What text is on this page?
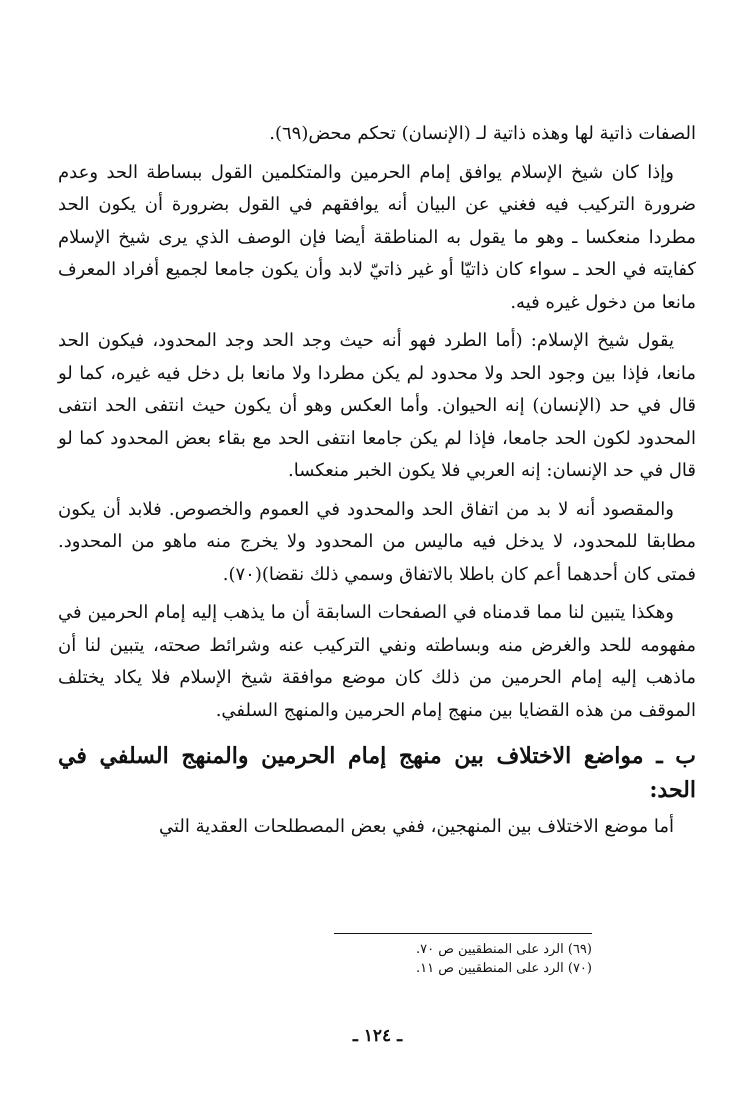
الصفات ذاتية لها وهذه ذاتية لـ (الإنسان) تحكم محض(٦٩).

وإذا كان شيخ الإسلام يوافق إمام الحرمين والمتكلمين القول ببساطة الحد وعدم ضرورة التركيب فيه فغني عن البيان أنه يوافقهم في القول بضرورة أن يكون الحد مطردا منعكسا ـ وهو ما يقول به المناطقة أيضا فإن الوصف الذي يرى شيخ الإسلام كفايته في الحد ـ سواء كان ذاتيّا أو غير ذاتيّ لابد وأن يكون جامعا لجميع أفراد المعرف مانعا من دخول غيره فيه.

يقول شيخ الإسلام: (أما الطرد فهو أنه حيث وجد الحد وجد المحدود، فيكون الحد مانعا، فإذا بين وجود الحد ولا محدود لم يكن مطردا ولا مانعا بل دخل فيه غيره، كما لو قال في حد (الإنسان) إنه الحيوان. وأما العكس وهو أن يكون حيث انتفى الحد انتفى المحدود لكون الحد جامعا، فإذا لم يكن جامعا انتفى الحد مع بقاء بعض المحدود كما لو قال في حد الإنسان: إنه العربي فلا يكون الخبر منعكسا.

والمقصود أنه لا بد من اتفاق الحد والمحدود في العموم والخصوص. فلابد أن يكون مطابقا للمحدود، لا يدخل فيه ماليس من المحدود ولا يخرج منه ماهو من المحدود. فمتى كان أحدهما أعم كان باطلا بالاتفاق وسمي ذلك نقضا)(٧٠).

وهكذا يتبين لنا مما قدمناه في الصفحات السابقة أن ما يذهب إليه إمام الحرمين في مفهومه للحد والغرض منه وبساطته ونفي التركيب عنه وشرائط صحته، يتبين لنا أن ماذهب إليه إمام الحرمين من ذلك كان موضع موافقة شيخ الإسلام فلا يكاد يختلف الموقف من هذه القضايا بين منهج إمام الحرمين والمنهج السلفي.

ب ـ مواضع الاختلاف بين منهج إمام الحرمين والمنهج السلفي في الحد:

أما موضع الاختلاف بين المنهجين، ففي بعض المصطلحات العقدية التي

(٦٩) الرد على المنطقيين ص ٧٠.
(٧٠) الرد على المنطقيين ص ١١.
ـ ١٢٤ ـ
